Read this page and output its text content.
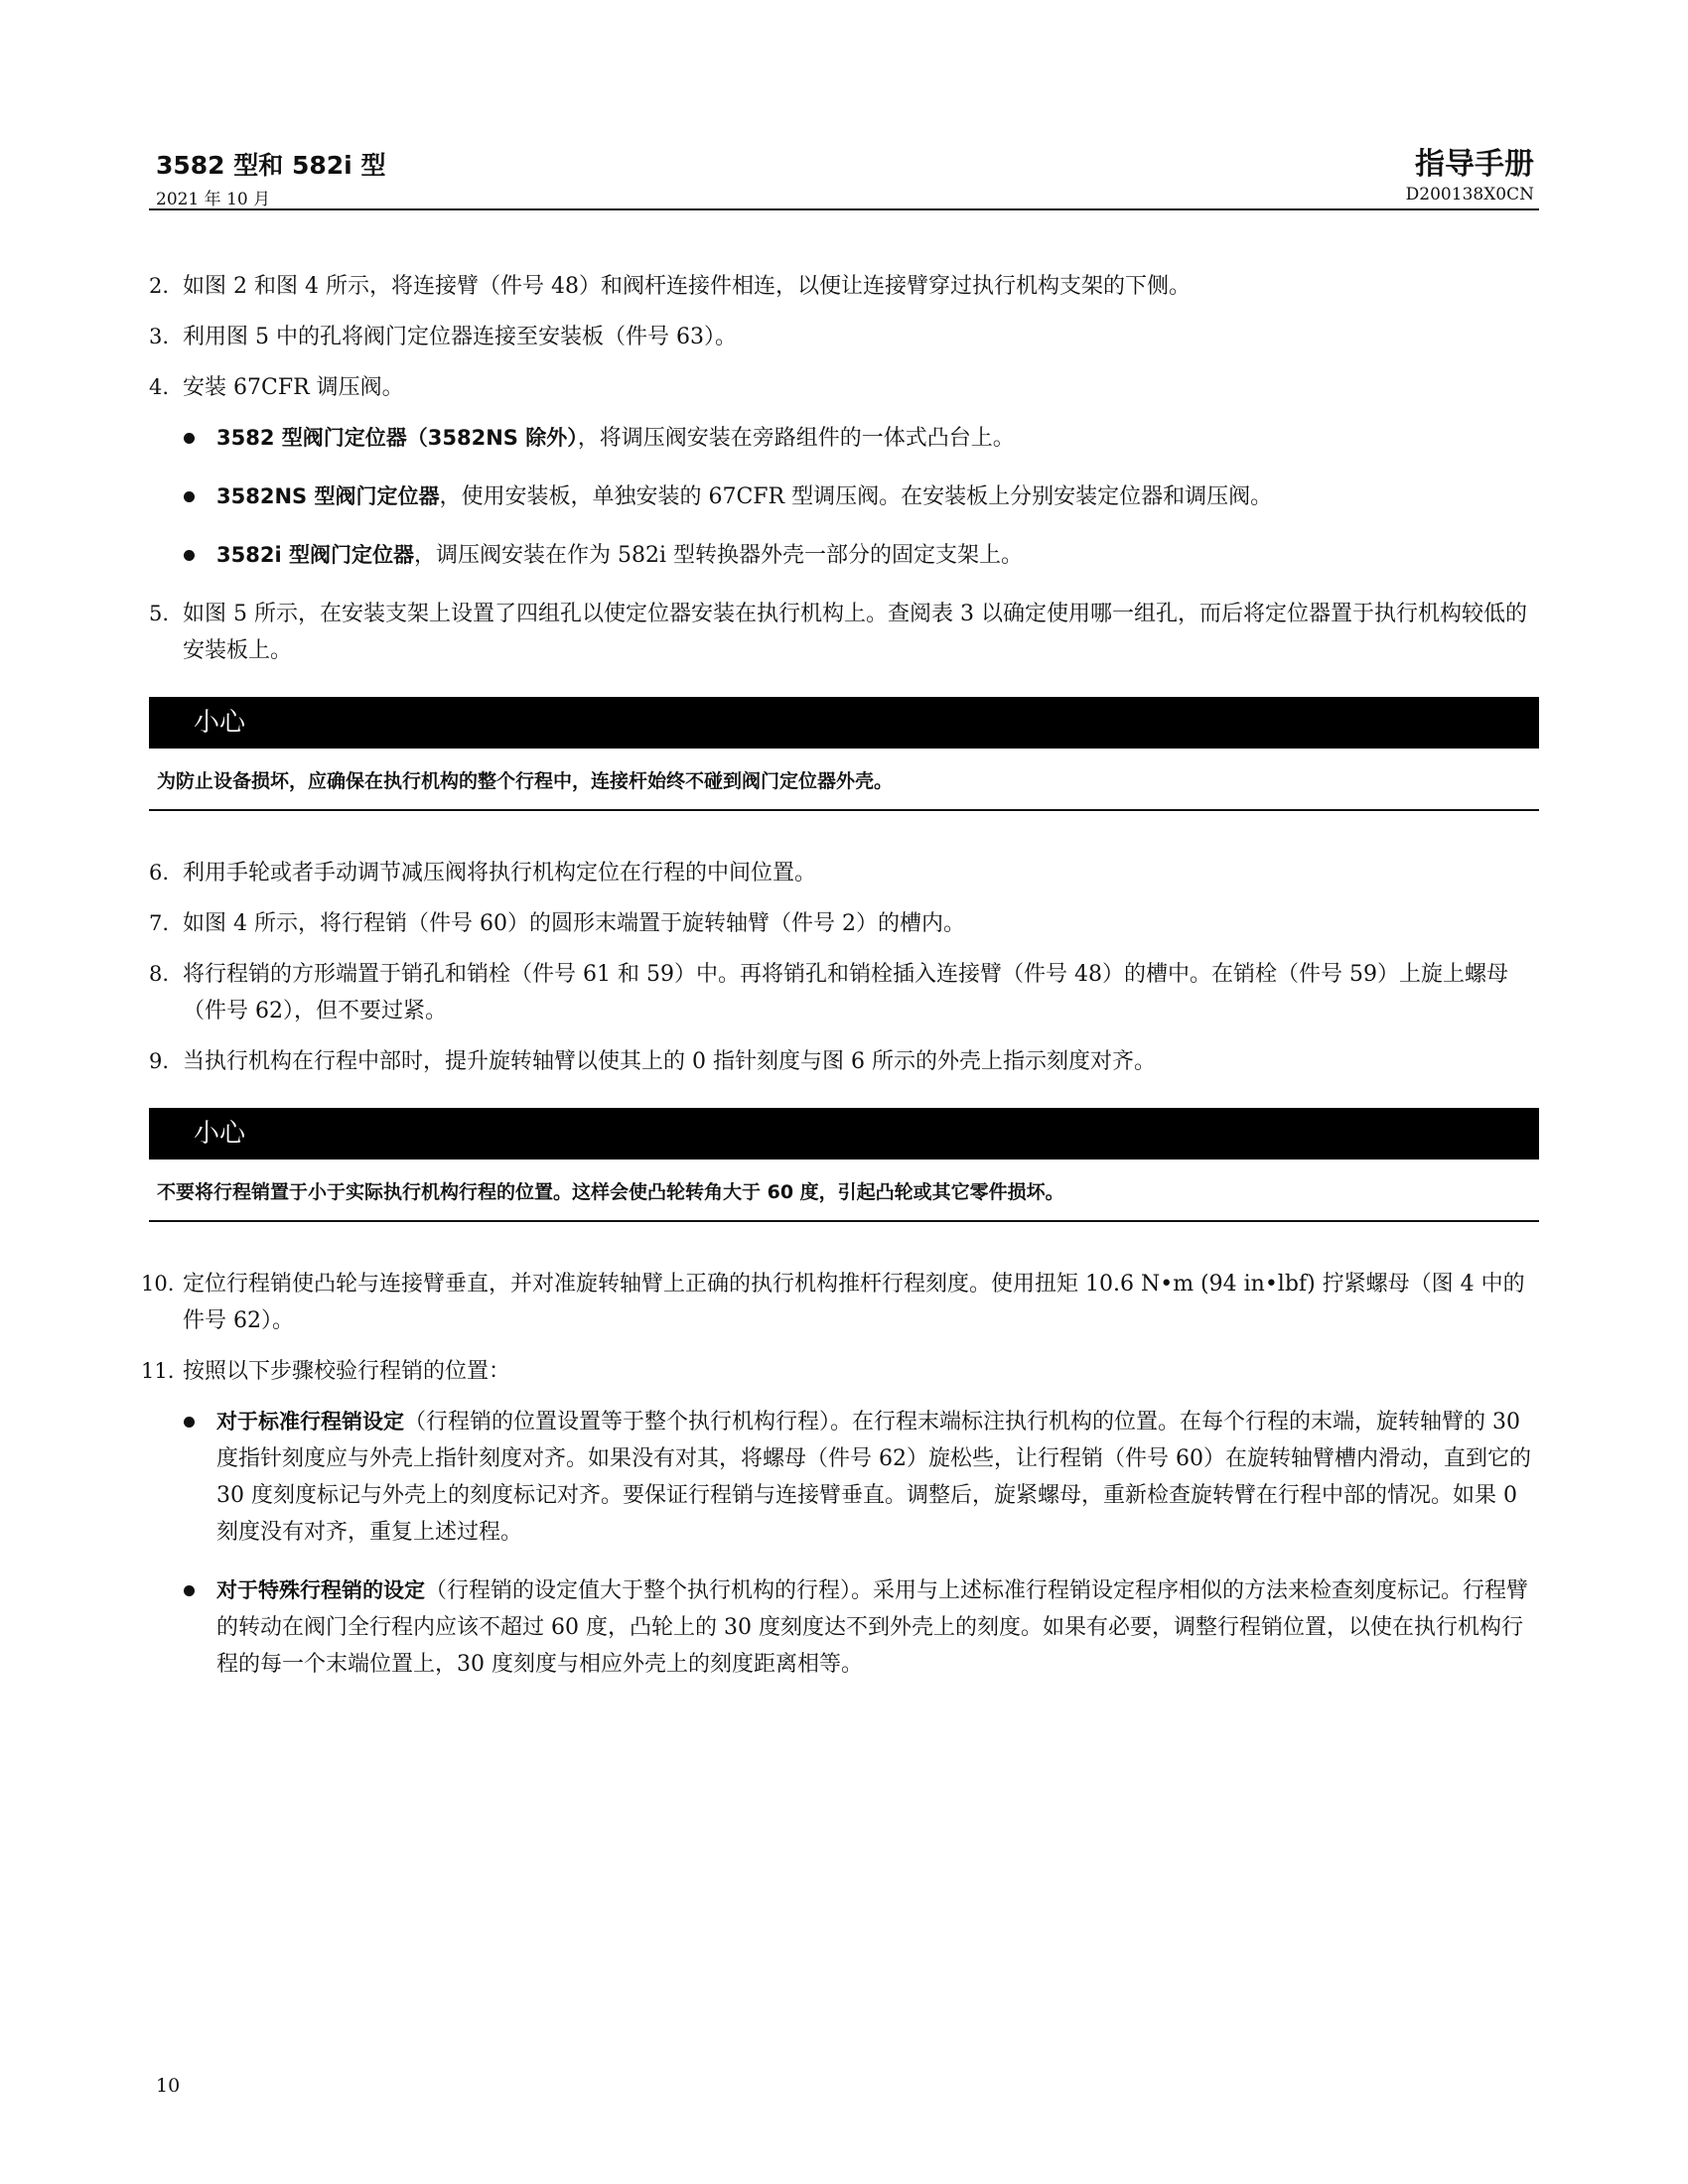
3582 型和 582i 型
2021 年 10 月
指导手册
D200138X0CN
2. 如图 2 和图 4 所示，将连接臂（件号 48）和阀杆连接件相连，以便让连接臂穿过执行机构支架的下侧。
3. 利用图 5 中的孔将阀门定位器连接至安装板（件号 63）。
4. 安装 67CFR 调压阀。
3582 型阀门定位器（3582NS 除外），将调压阀安装在旁路组件的一体式凸台上。
3582NS 型阀门定位器，使用安装板，单独安装的 67CFR 型调压阀。在安装板上分别安装定位器和调压阀。
3582i 型阀门定位器，调压阀安装在作为 582i 型转换器外壳一部分的固定支架上。
5. 如图 5 所示，在安装支架上设置了四组孔以使定位器安装在执行机构上。查阅表 3 以确定使用哪一组孔，而后将定位器置于执行机构较低的安装板上。
小心
为防止设备损坏，应确保在执行机构的整个行程中，连接杆始终不碰到阀门定位器外壳。
6. 利用手轮或者手动调节减压阀将执行机构定位在行程的中间位置。
7. 如图 4 所示，将行程销（件号 60）的圆形末端置于旋转轴臂（件号 2）的槽内。
8. 将行程销的方形端置于销孔和销栓（件号 61 和 59）中。再将销孔和销栓插入连接臂（件号 48）的槽中。在销栓（件号 59）上旋上螺母（件号 62），但不要过紧。
9. 当执行机构在行程中部时，提升旋转轴臂以使其上的 0 指针刻度与图 6 所示的外壳上指示刻度对齐。
小心
不要将行程销置于小于实际执行机构行程的位置。这样会使凸轮转角大于 60 度，引起凸轮或其它零件损坏。
10. 定位行程销使凸轮与连接臂垂直，并对准旋转轴臂上正确的执行机构推杆行程刻度。使用扭矩 10.6 N•m (94 in•lbf) 拧紧螺母（图 4 中的件号 62）。
11. 按照以下步骤校验行程销的位置：
对于标准行程销设定（行程销的位置设置等于整个执行机构行程）。在行程末端标注执行机构的位置。在每个行程的末端，旋转轴臂的 30 度指针刻度应与外壳上指针刻度对齐。如果没有对其，将螺母（件号 62）旋松些，让行程销（件号 60）在旋转轴臂槽内滑动，直到它的 30 度刻度标记与外壳上的刻度标记对齐。要保证行程销与连接臂垂直。调整后，旋紧螺母，重新检查旋转臂在行程中部的情况。如果 0 刻度没有对齐，重复上述过程。
对于特殊行程销的设定（行程销的设定值大于整个执行机构的行程）。采用与上述标准行程销设定程序相似的方法来检查刻度标记。行程臂的转动在阀门全行程内应该不超过 60 度，凸轮上的 30 度刻度达不到外壳上的刻度。如果有必要，调整行程销位置，以使在执行机构行程的每一个末端位置上，30 度刻度与相应外壳上的刻度距离相等。
10
